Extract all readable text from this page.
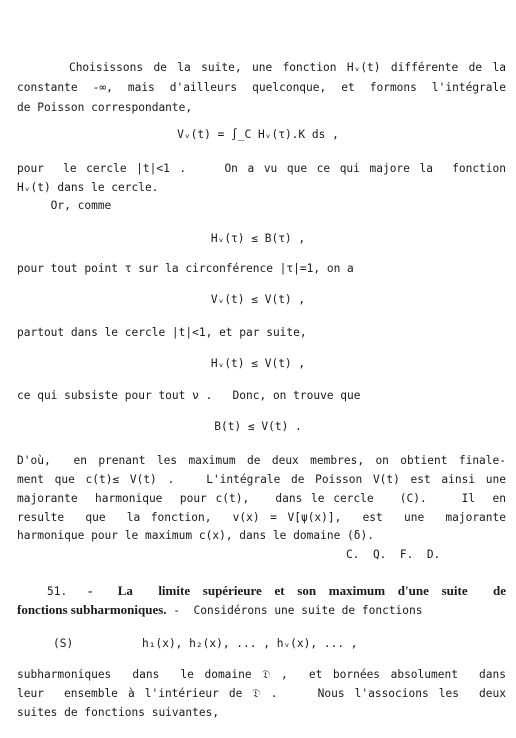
Choisissons de la suite, une fonction Hᵥ(t) différente de la
constante -∞, mais d'ailleurs quelconque, et formons l'intégrale
de Poisson correspondante,
Vᵥ(t) = ∫_C Hᵥ(τ).K ds ,
pour  le cercle |t|<1 .    On a vu que ce qui majore la  fonction
Hᵥ(t) dans le cercle.
Or, comme
Hᵥ(τ) ≤ B(τ) ,
pour tout point τ sur la circonférence |τ|=1, on a
Vᵥ(t) ≤ V(t) ,
partout dans le cercle |t|<1, et par suite,
Hᵥ(t) ≤ V(t) ,
ce qui subsiste pour tout ν .   Donc, on trouve que
B(t) ≤ V(t) .
D'où,  en prenant les maximum de deux membres, on obtient finale-
ment que c(t)≤ V(t) .   L'intégrale de Poisson V(t) est ainsi une
majorante  harmonique  pour c(t),   dans le cercle   (C).    Il  en
resulte  que  la fonction,  v(x) = V[ψ(x)],  est  une  majorante
harmonique pour le maximum c(x), dans le domaine (δ).
C.  Q.  F.  D.
51. -  La  limite supérieure et son maximum d'une suite  de
fonctions subharmoniques. -  Considérons une suite de fonctions
(S)	h₁(x), h₂(x), ... , hᵥ(x), ... ,
subharmoniques  dans  le domaine 𝔇 ,  et bornées absolument  dans
leur  ensemble à l'intérieur de 𝔇 .    Nous l'associons les  deux
suites de fonctions suivantes,
